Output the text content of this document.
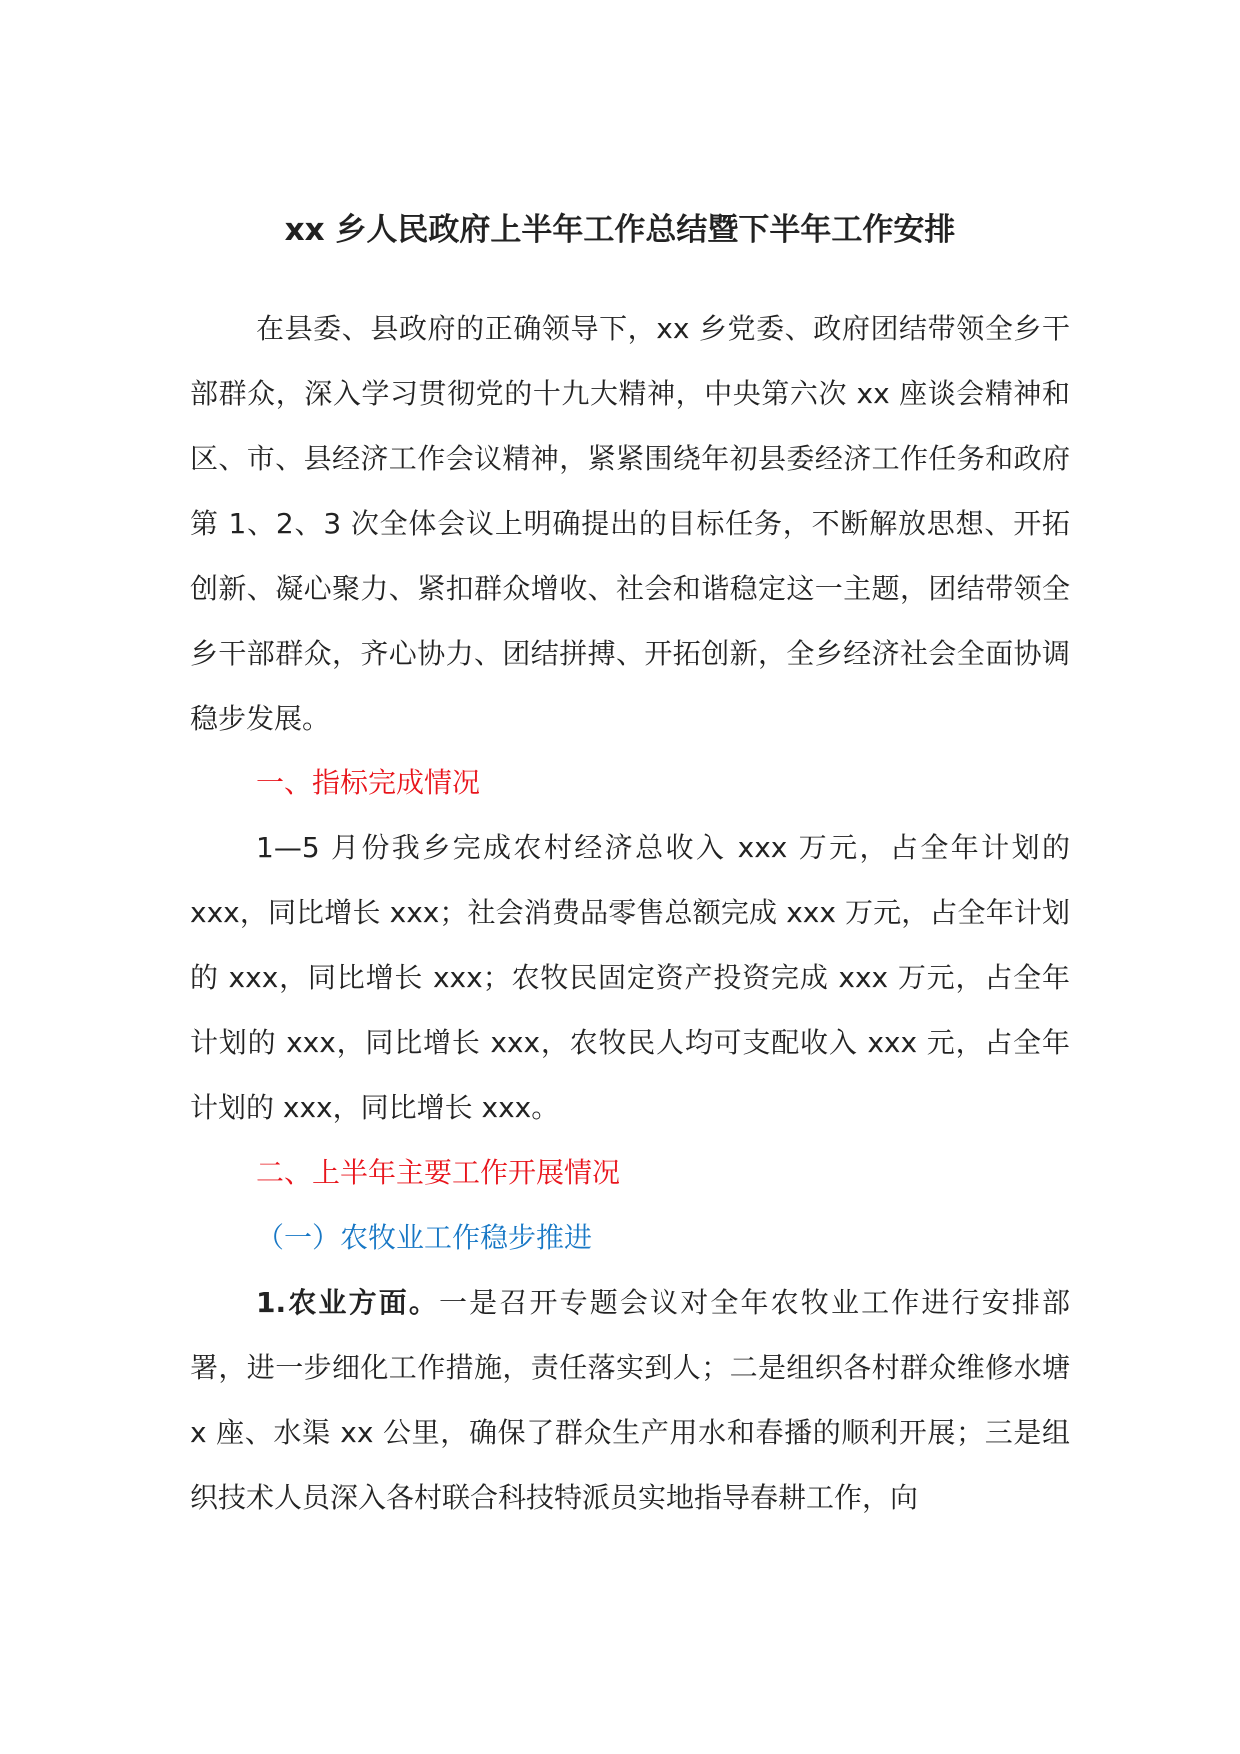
xx 乡人民政府上半年工作总结暨下半年工作安排

在县委、县政府的正确领导下，xx 乡党委、政府团结带领全乡干部群众，深入学习贯彻党的十九大精神，中央第六次 xx 座谈会精神和区、市、县经济工作会议精神，紧紧围绕年初县委经济工作任务和政府第 1、2、3 次全体会议上明确提出的目标任务，不断解放思想、开拓创新、凝心聚力、紧扣群众增收、社会和谐稳定这一主题，团结带领全乡干部群众，齐心协力、团结拼搏、开拓创新，全乡经济社会全面协调稳步发展。

一、指标完成情况

1—5 月份我乡完成农村经济总收入 xxx 万元，占全年计划的 xxx，同比增长 xxx；社会消费品零售总额完成 xxx 万元，占全年计划的 xxx，同比增长 xxx；农牧民固定资产投资完成 xxx 万元，占全年计划的 xxx，同比增长 xxx，农牧民人均可支配收入 xxx 元，占全年计划的 xxx，同比增长 xxx。

二、上半年主要工作开展情况

（一）农牧业工作稳步推进

1.农业方面。一是召开专题会议对全年农牧业工作进行安排部署，进一步细化工作措施，责任落实到人；二是组织各村群众维修水塘 x 座、水渠 xx 公里，确保了群众生产用水和春播的顺利开展；三是组织技术人员深入各村联合科技特派员实地指导春耕工作，向
